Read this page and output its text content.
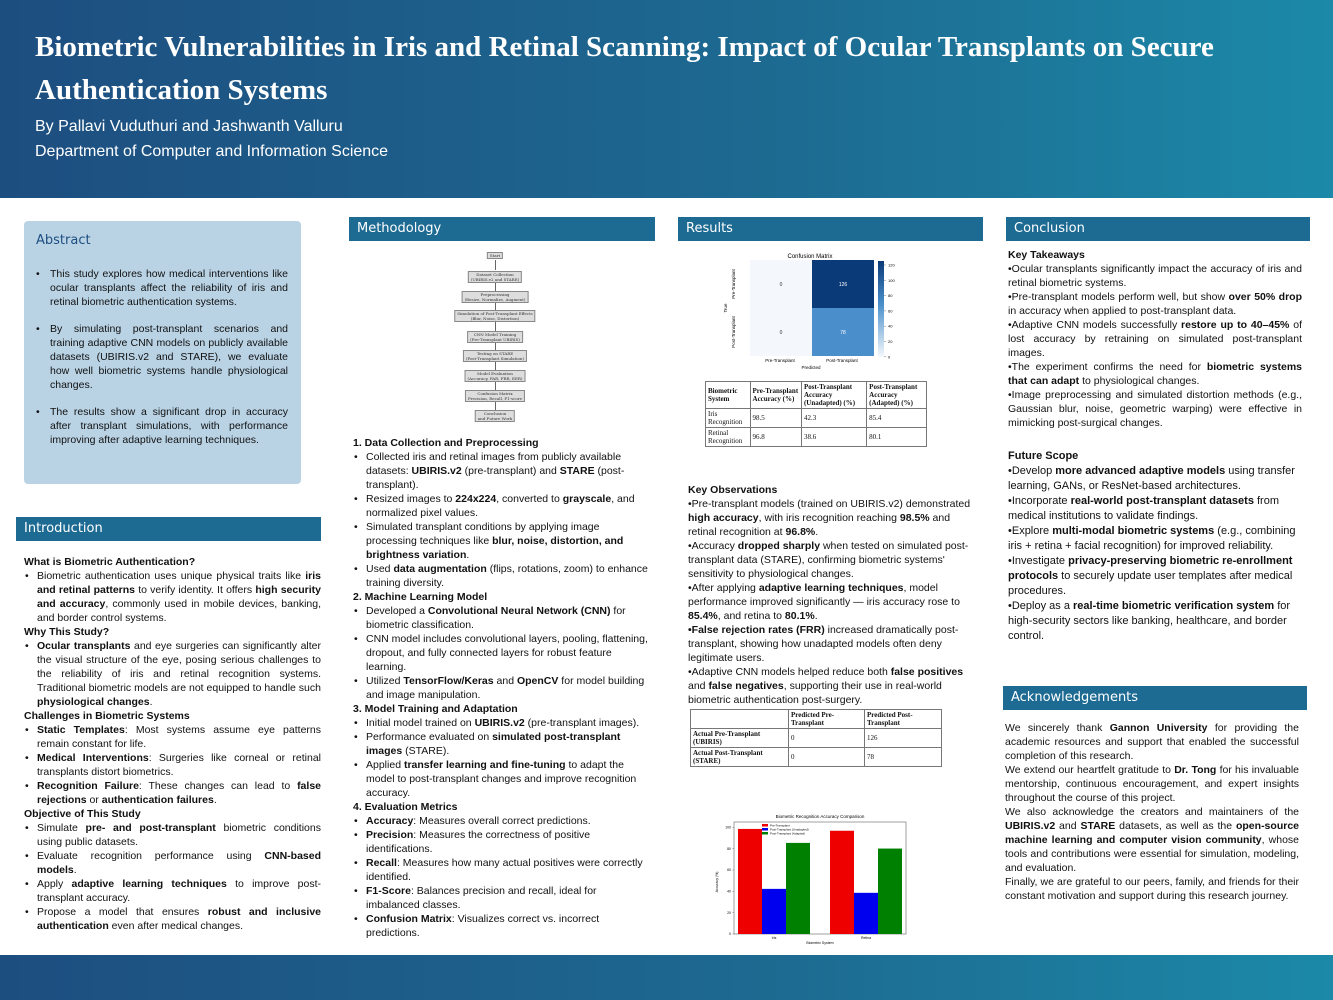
Biometric Vulnerabilities in Iris and Retinal Scanning: Impact of Ocular Transplants on Secure Authentication Systems
By Pallavi Vuduthuri and Jashwanth Valluru
Department of Computer and Information Science
Abstract
• This study explores how medical interventions like ocular transplants affect the reliability of iris and retinal biometric authentication systems.
• By simulating post-transplant scenarios and training adaptive CNN models on publicly available datasets (UBIRIS.v2 and STARE), we evaluate how well biometric systems handle physiological changes.
• The results show a significant drop in accuracy after transplant simulations, with performance improving after adaptive learning techniques.
Introduction
What is Biometric Authentication?
• Biometric authentication uses unique physical traits like iris and retinal patterns to verify identity. It offers high security and accuracy, commonly used in mobile devices, banking, and border control systems.
Why This Study?
• Ocular transplants and eye surgeries can significantly alter the visual structure of the eye, posing serious challenges to the reliability of iris and retinal recognition systems. Traditional biometric models are not equipped to handle such physiological changes.
Challenges in Biometric Systems
• Static Templates: Most systems assume eye patterns remain constant for life.
• Medical Interventions: Surgeries like corneal or retinal transplants distort biometrics.
• Recognition Failure: These changes can lead to false rejections or authentication failures.
Objective of This Study
• Simulate pre- and post-transplant biometric conditions using public datasets.
• Evaluate recognition performance using CNN-based models.
• Apply adaptive learning techniques to improve post-transplant accuracy.
• Propose a model that ensures robust and inclusive authentication even after medical changes.
Methodology
Start
Dataset Collection
(UBIRIS.v2 and STARE)
Preprocessing
(Resize, Normalize, Augment)
Simulation of Post-Transplant Effects
(Blur, Noise, Distortion)
CNN Model Training
(Pre-Transplant UBIRIS)
Testing on STARE
(Post-Transplant Simulation)
Model Evaluation
(Accuracy, FAR, FRR, EER)
Confusion Matrix
Precision, Recall, F1-score
Conclusion
and Future Work
1. Data Collection and Preprocessing
• Collected iris and retinal images from publicly available datasets: UBIRIS.v2 (pre-transplant) and STARE (post-transplant).
• Resized images to 224x224, converted to grayscale, and normalized pixel values.
• Simulated transplant conditions by applying image processing techniques like blur, noise, distortion, and brightness variation.
• Used data augmentation (flips, rotations, zoom) to enhance training diversity.
2. Machine Learning Model
• Developed a Convolutional Neural Network (CNN) for biometric classification.
• CNN model includes convolutional layers, pooling, flattening, dropout, and fully connected layers for robust feature learning.
• Utilized TensorFlow/Keras and OpenCV for model building and image manipulation.
3. Model Training and Adaptation
• Initial model trained on UBIRIS.v2 (pre-transplant images).
• Performance evaluated on simulated post-transplant images (STARE).
• Applied transfer learning and fine-tuning to adapt the model to post-transplant changes and improve recognition accuracy.
4. Evaluation Metrics
• Accuracy: Measures overall correct predictions.
• Precision: Measures the correctness of positive identifications.
• Recall: Measures how many actual positives were correctly identified.
• F1-Score: Balances precision and recall, ideal for imbalanced classes.
• Confusion Matrix: Visualizes correct vs. incorrect predictions.
Results
Confusion Matrix
0	126
0	78
Pre-Transplant	Post-Transplant
Predicted
Pre-Transplant
Post-Transplant
True
120
100
80
60
40
20
0
Biometric System	Pre-Transplant Accuracy (%)	Post-Transplant Accuracy (Unadapted) (%)	Post-Transplant Accuracy (Adapted) (%)
Iris Recognition	98.5	42.3	85.4
Retinal Recognition	96.8	38.6	80.1
Key Observations
•Pre-transplant models (trained on UBIRIS.v2) demonstrated high accuracy, with iris recognition reaching 98.5% and retinal recognition at 96.8%.
•Accuracy dropped sharply when tested on simulated post-transplant data (STARE), confirming biometric systems' sensitivity to physiological changes.
•After applying adaptive learning techniques, model performance improved significantly — iris accuracy rose to 85.4%, and retina to 80.1%.
•False rejection rates (FRR) increased dramatically post-transplant, showing how unadapted models often deny legitimate users.
•Adaptive CNN models helped reduce both false positives and false negatives, supporting their use in real-world biometric authentication post-surgery.
	Predicted Pre-Transplant	Predicted Post-Transplant
Actual Pre-Transplant (UBIRIS)	0	126
Actual Post-Transplant (STARE)	0	78
Biometric Recognition Accuracy Comparison
0
20
40
60
80
100
Iris	Retina
Pre-Transplant
Post-Transplant (Unadapted)
Post-Transplant (Adapted)
Biometric System
Accuracy (%)
Conclusion
Key Takeaways
•Ocular transplants significantly impact the accuracy of iris and retinal biometric systems.
•Pre-transplant models perform well, but show over 50% drop in accuracy when applied to post-transplant data.
•Adaptive CNN models successfully restore up to 40–45% of lost accuracy by retraining on simulated post-transplant images.
•The experiment confirms the need for biometric systems that can adapt to physiological changes.
•Image preprocessing and simulated distortion methods (e.g., Gaussian blur, noise, geometric warping) were effective in mimicking post-surgical changes.
Future Scope
•Develop more advanced adaptive models using transfer learning, GANs, or ResNet-based architectures.
•Incorporate real-world post-transplant datasets from medical institutions to validate findings.
•Explore multi-modal biometric systems (e.g., combining iris + retina + facial recognition) for improved reliability.
•Investigate privacy-preserving biometric re-enrollment protocols to securely update user templates after medical procedures.
•Deploy as a real-time biometric verification system for high-security sectors like banking, healthcare, and border control.
Acknowledgements
We sincerely thank Gannon University for providing the academic resources and support that enabled the successful completion of this research.
We extend our heartfelt gratitude to Dr. Tong for his invaluable mentorship, continuous encouragement, and expert insights throughout the course of this project.
We also acknowledge the creators and maintainers of the UBIRIS.v2 and STARE datasets, as well as the open-source machine learning and computer vision community, whose tools and contributions were essential for simulation, modeling, and evaluation.
Finally, we are grateful to our peers, family, and friends for their constant motivation and support during this research journey.
